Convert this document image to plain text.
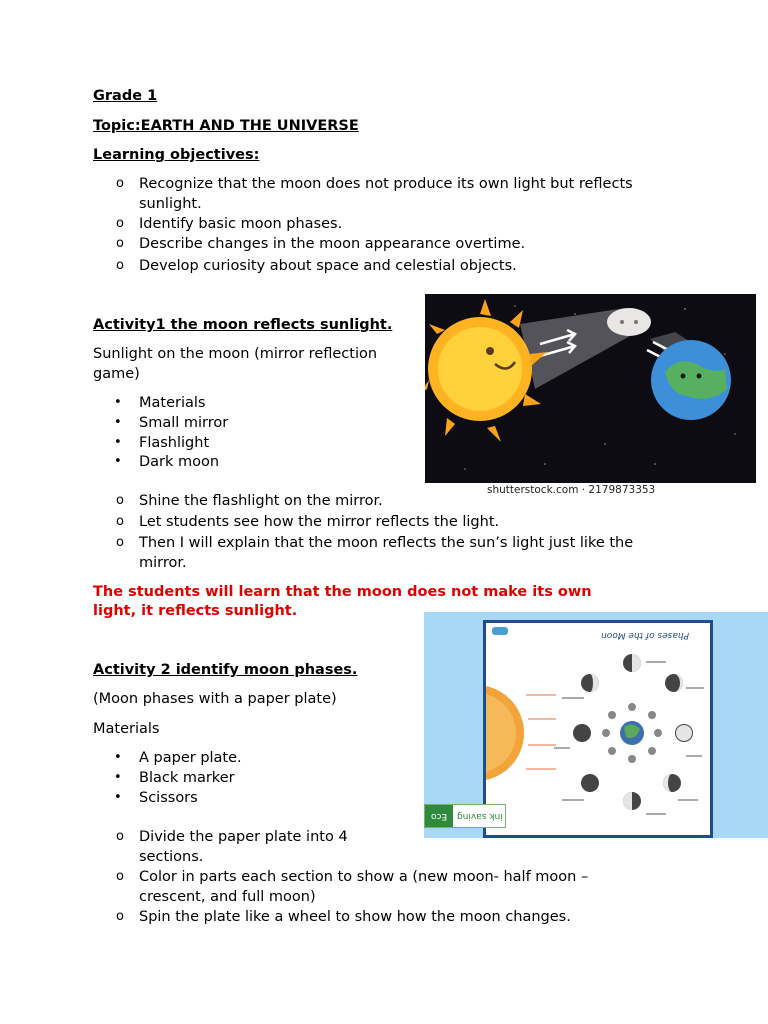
Grade 1
Topic:EARTH AND THE UNIVERSE
Learning objectives:
o Recognize that the moon does not produce its own light but reflects
sunlight.
o Identify basic moon phases.
o Describe changes in the moon appearance overtime.
o Develop curiosity about space and celestial objects.
shutterstock.com · 2179873353
Activity1 the moon reflects sunlight.
Sunlight on the moon (mirror reflection
game)
• Materials
• Small mirror
• Flashlight
• Dark moon
o Shine the flashlight on the mirror.
o Let students see how the mirror reflects the light.
o Then I will explain that the moon reflects the sun’s light just like the
mirror.
The students will learn that the moon does not make its own
light, it reflects sunlight.
Phases of the Moon
Eco	ink saving
Activity 2 identify moon phases.
(Moon phases with a paper plate)
Materials
• A paper plate.
• Black marker
• Scissors
o Divide the paper plate into 4
sections.
o Color in parts each section to show a (new moon- half moon –
crescent, and full moon)
o Spin the plate like a wheel to show how the moon changes.
